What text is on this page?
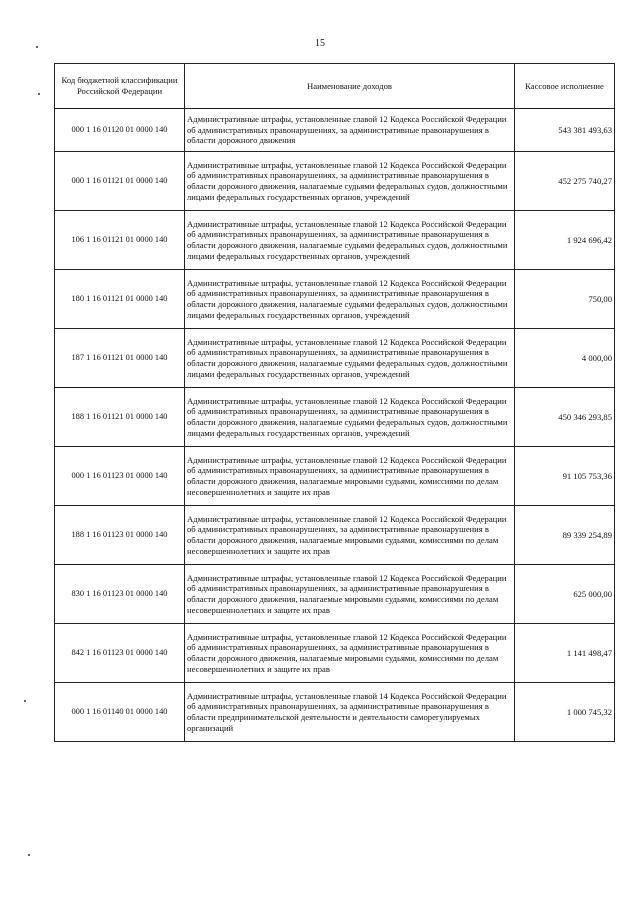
15
Код бюджетной классификации Российской Федерации	Наименование доходов	Кассовое исполнение
000 1 16 01120 01 0000 140	Административные штрафы, установленные главой 12 Кодекса Российской Федерации об административных правонарушениях, за административные правонарушения в области дорожного движения	543 381 493,63
000 1 16 01121 01 0000 140	Административные штрафы, установленные главой 12 Кодекса Российской Федерации об административных правонарушениях, за административные правонарушения в области дорожного движения, налагаемые судьями федеральных судов, должностными лицами федеральных государственных органов, учреждений	452 275 740,27
106 1 16 01121 01 0000 140	Административные штрафы, установленные главой 12 Кодекса Российской Федерации об административных правонарушениях, за административные правонарушения в области дорожного движения, налагаемые судьями федеральных судов, должностными лицами федеральных государственных органов, учреждений	1 924 696,42
180 1 16 01121 01 0000 140	Административные штрафы, установленные главой 12 Кодекса Российской Федерации об административных правонарушениях, за административные правонарушения в области дорожного движения, налагаемые судьями федеральных судов, должностными лицами федеральных государственных органов, учреждений	750,00
187 1 16 01121 01 0000 140	Административные штрафы, установленные главой 12 Кодекса Российской Федерации об административных правонарушениях, за административные правонарушения в области дорожного движения, налагаемые судьями федеральных судов, должностными лицами федеральных государственных органов, учреждений	4 000,00
188 1 16 01121 01 0000 140	Административные штрафы, установленные главой 12 Кодекса Российской Федерации об административных правонарушениях, за административные правонарушения в области дорожного движения, налагаемые судьями федеральных судов, должностными лицами федеральных государственных органов, учреждений	450 346 293,85
000 1 16 01123 01 0000 140	Административные штрафы, установленные главой 12 Кодекса Российской Федерации об административных правонарушениях, за административные правонарушения в области дорожного движения, налагаемые мировыми судьями, комиссиями по делам несовершеннолетних и защите их прав	91 105 753,36
188 1 16 01123 01 0000 140	Административные штрафы, установленные главой 12 Кодекса Российской Федерации об административных правонарушениях, за административные правонарушения в области дорожного движения, налагаемые мировыми судьями, комиссиями по делам несовершеннолетних и защите их прав	89 339 254,89
830 1 16 01123 01 0000 140	Административные штрафы, установленные главой 12 Кодекса Российской Федерации об административных правонарушениях, за административные правонарушения в области дорожного движения, налагаемые мировыми судьями, комиссиями по делам несовершеннолетних и защите их прав	625 000,00
842 1 16 01123 01 0000 140	Административные штрафы, установленные главой 12 Кодекса Российской Федерации об административных правонарушениях, за административные правонарушения в области дорожного движения, налагаемые мировыми судьями, комиссиями по делам несовершеннолетних и защите их прав	1 141 498,47
000 1 16 01140 01 0000 140	Административные штрафы, установленные главой 14 Кодекса Российской Федерации об административных правонарушениях, за административные правонарушения в области предпринимательской деятельности и деятельности саморегулируемых организаций	1 000 745,32
